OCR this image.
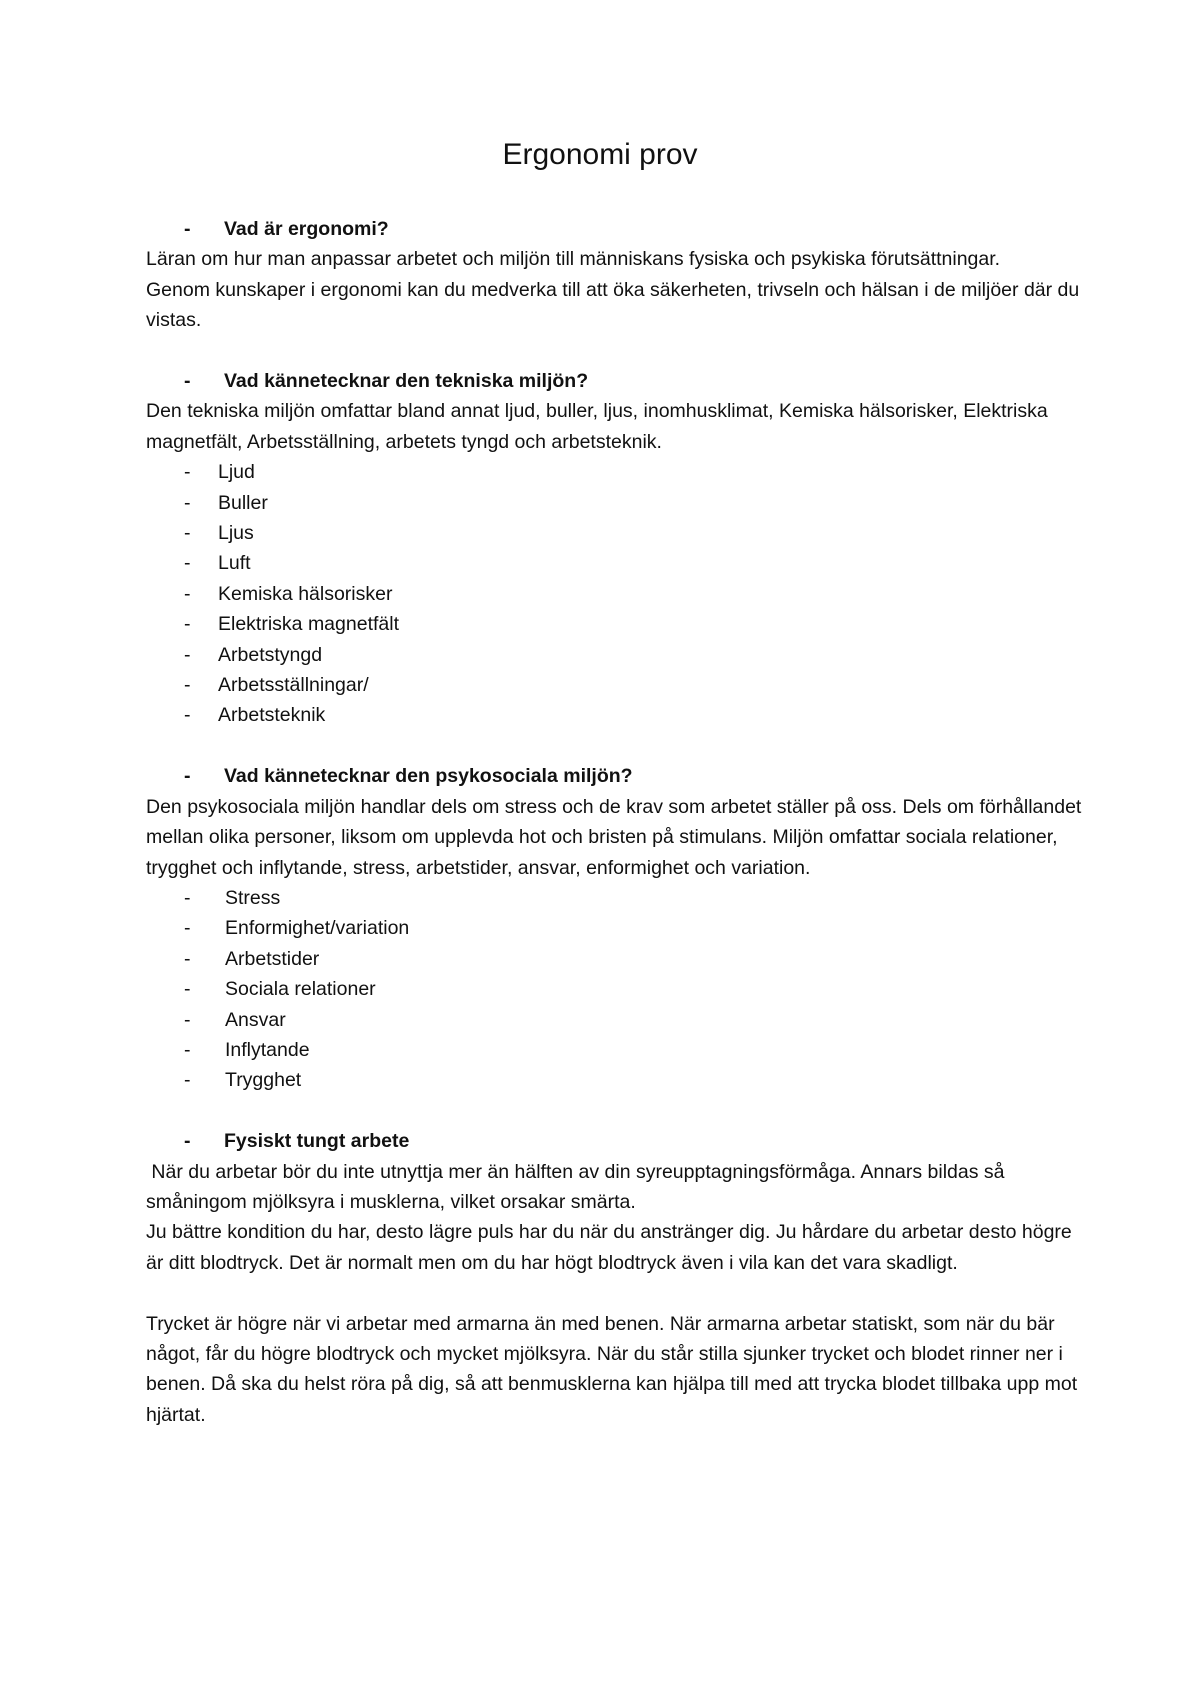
Ergonomi prov
-	Vad är ergonomi?

Läran om hur man anpassar arbetet och miljön till människans fysiska och psykiska förutsättningar.

Genom kunskaper i ergonomi kan du medverka till att öka säkerheten, trivseln och hälsan i de miljöer där du vistas.

-	Vad kännetecknar den tekniska miljön?

Den tekniska miljön omfattar bland annat ljud, buller, ljus, inomhusklimat, Kemiska hälsorisker, Elektriska magnetfält, Arbetsställning, arbetets tyngd och arbetsteknik.

-	Ljud
-	Buller
-	Ljus
-	Luft
-	Kemiska hälsorisker
-	Elektriska magnetfält
-	Arbetstyngd
-	Arbetsställningar/
-	Arbetsteknik
-	Vad kännetecknar den psykosociala miljön?

Den psykosociala miljön handlar dels om stress och de krav som arbetet ställer på oss. Dels om förhållandet mellan olika personer, liksom om upplevda hot och bristen på stimulans. Miljön omfattar sociala relationer, trygghet och inflytande, stress, arbetstider, ansvar, enformighet och variation.

-	Stress
-	Enformighet/variation
-	Arbetstider
-	Sociala relationer
-	Ansvar
-	Inflytande
-	Trygghet
-	Fysiskt tungt arbete

När du arbetar bör du inte utnyttja mer än hälften av din syreupptagningsförmåga. Annars bildas så småningom mjölksyra i musklerna, vilket orsakar smärta.

Ju bättre kondition du har, desto lägre puls har du när du anstränger dig. Ju hårdare du arbetar desto högre är ditt blodtryck. Det är normalt men om du har högt blodtryck även i vila kan det vara skadligt.

Trycket är högre när vi arbetar med armarna än med benen. När armarna arbetar statiskt, som när du bär något, får du högre blodtryck och mycket mjölksyra. När du står stilla sjunker trycket och blodet rinner ner i benen. Då ska du helst röra på dig, så att benmusklerna kan hjälpa till med att trycka blodet tillbaka upp mot hjärtat.
